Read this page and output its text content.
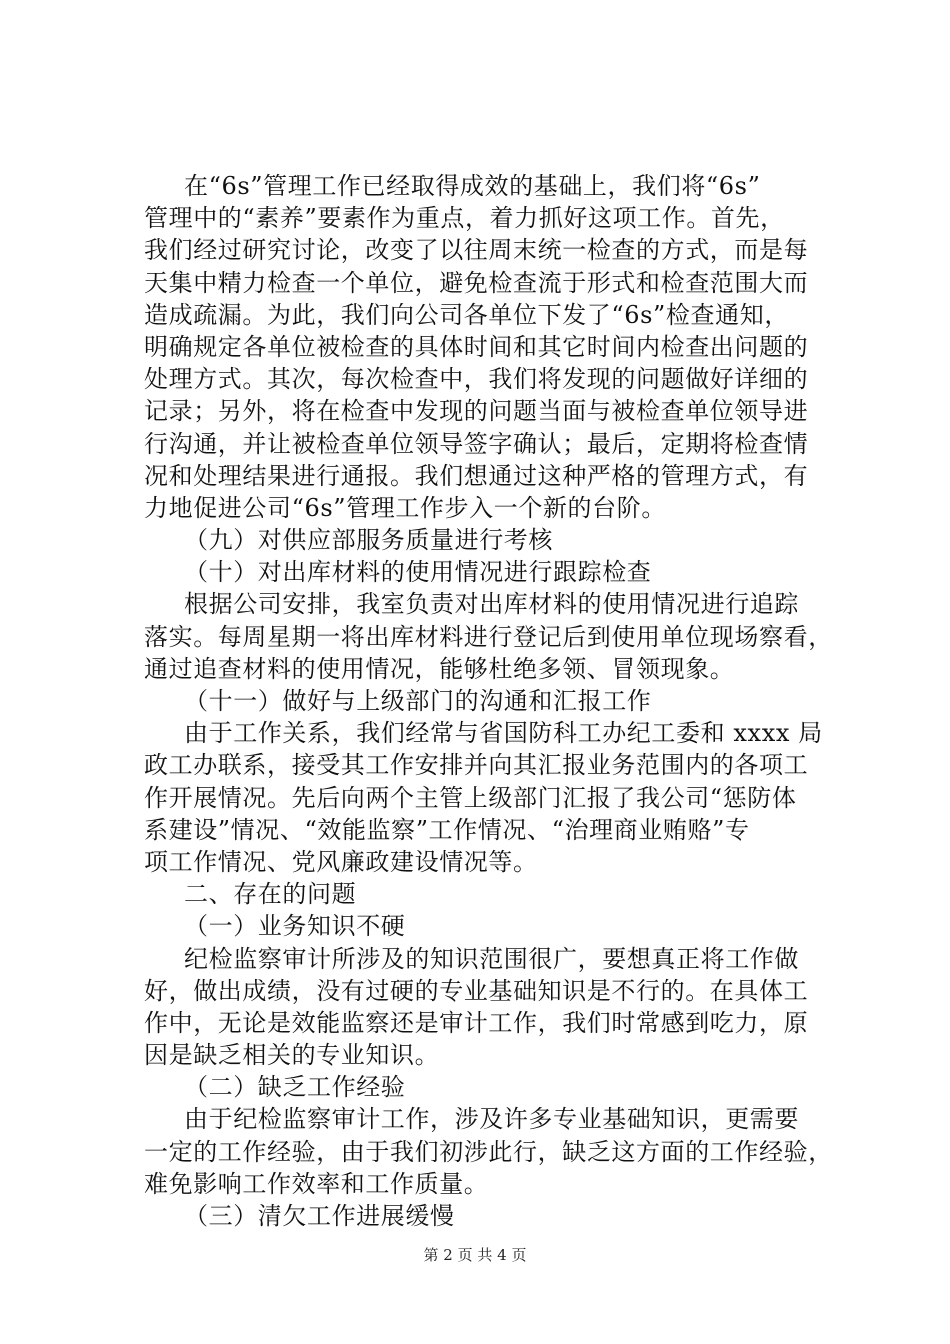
在“6s”管理工作已经取得成效的基础上，我们将“6s”
管理中的“素养”要素作为重点，着力抓好这项工作。首先，
我们经过研究讨论，改变了以往周末统一检查的方式，而是每
天集中精力检查一个单位，避免检查流于形式和检查范围大而
造成疏漏。为此，我们向公司各单位下发了“6s”检查通知，
明确规定各单位被检查的具体时间和其它时间内检查出问题的
处理方式。其次，每次检查中，我们将发现的问题做好详细的
记录；另外，将在检查中发现的问题当面与被检查单位领导进
行沟通，并让被检查单位领导签字确认；最后，定期将检查情
况和处理结果进行通报。我们想通过这种严格的管理方式，有
力地促进公司“6s”管理工作步入一个新的台阶。
（九）对供应部服务质量进行考核
（十）对出库材料的使用情况进行跟踪检查
根据公司安排，我室负责对出库材料的使用情况进行追踪
落实。每周星期一将出库材料进行登记后到使用单位现场察看，
通过追查材料的使用情况，能够杜绝多领、冒领现象。
（十一）做好与上级部门的沟通和汇报工作
由于工作关系，我们经常与省国防科工办纪工委和 xxxx 局
政工办联系，接受其工作安排并向其汇报业务范围内的各项工
作开展情况。先后向两个主管上级部门汇报了我公司“惩防体
系建设”情况、“效能监察”工作情况、“治理商业贿赂”专
项工作情况、党风廉政建设情况等。
二、存在的问题
（一）业务知识不硬
纪检监察审计所涉及的知识范围很广，要想真正将工作做
好，做出成绩，没有过硬的专业基础知识是不行的。在具体工
作中，无论是效能监察还是审计工作，我们时常感到吃力，原
因是缺乏相关的专业知识。
（二）缺乏工作经验
由于纪检监察审计工作，涉及许多专业基础知识，更需要
一定的工作经验，由于我们初涉此行，缺乏这方面的工作经验，
难免影响工作效率和工作质量。
（三）清欠工作进展缓慢
第 2 页 共 4 页
